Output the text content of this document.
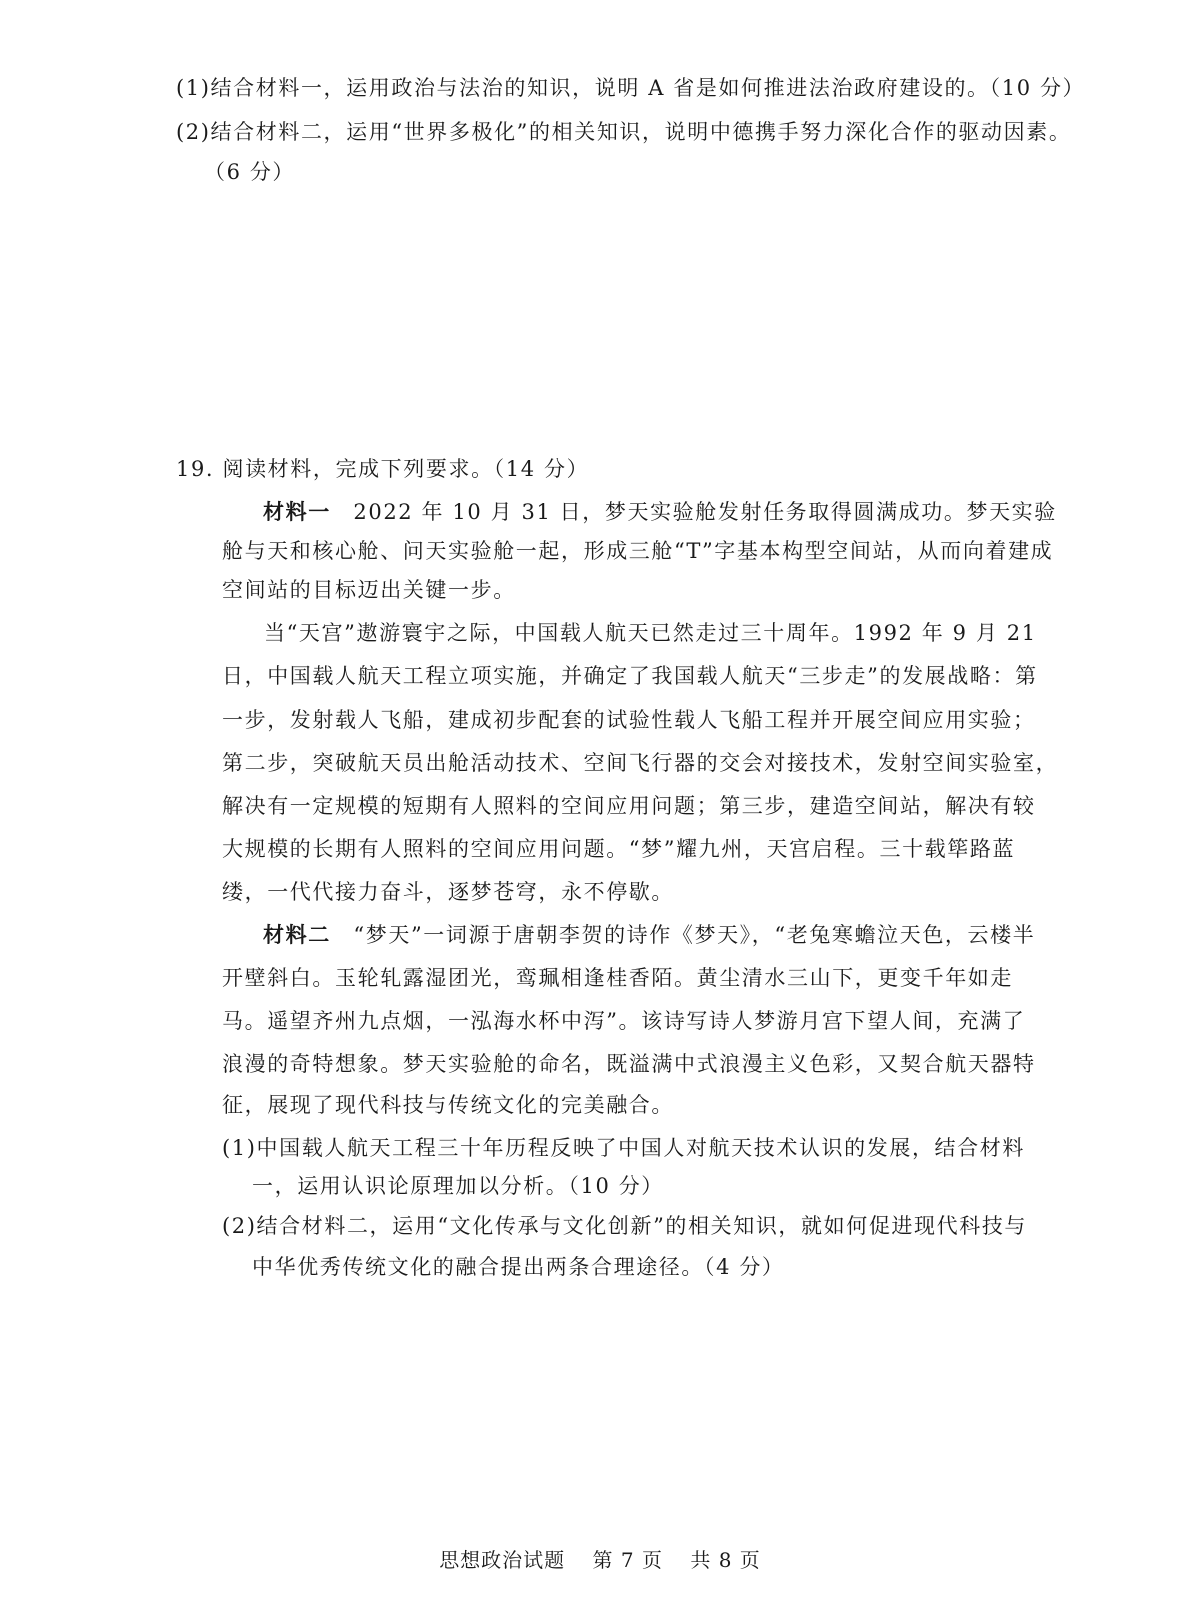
(1)结合材料一，运用政治与法治的知识，说明 A 省是如何推进法治政府建设的。（10 分）
(2)结合材料二，运用“世界多极化”的相关知识，说明中德携手努力深化合作的驱动因素。
（6 分）
19. 阅读材料，完成下列要求。（14 分）
材料一　2022 年 10 月 31 日，梦天实验舱发射任务取得圆满成功。梦天实验
舱与天和核心舱、问天实验舱一起，形成三舱“T”字基本构型空间站，从而向着建成
空间站的目标迈出关键一步。
当“天宫”遨游寰宇之际，中国载人航天已然走过三十周年。1992 年 9 月 21
日，中国载人航天工程立项实施，并确定了我国载人航天“三步走”的发展战略：第
一步，发射载人飞船，建成初步配套的试验性载人飞船工程并开展空间应用实验；
第二步，突破航天员出舱活动技术、空间飞行器的交会对接技术，发射空间实验室，
解决有一定规模的短期有人照料的空间应用问题；第三步，建造空间站，解决有较
大规模的长期有人照料的空间应用问题。“梦”耀九州，天宫启程。三十载筚路蓝
缕，一代代接力奋斗，逐梦苍穹，永不停歇。
材料二　“梦天”一词源于唐朝李贺的诗作《梦天》，“老兔寒蟾泣天色，云楼半
开壁斜白。玉轮轧露湿团光，鸾珮相逢桂香陌。黄尘清水三山下，更变千年如走
马。遥望齐州九点烟，一泓海水杯中泻”。该诗写诗人梦游月宫下望人间，充满了
浪漫的奇特想象。梦天实验舱的命名，既溢满中式浪漫主义色彩，又契合航天器特
征，展现了现代科技与传统文化的完美融合。
(1)中国载人航天工程三十年历程反映了中国人对航天技术认识的发展，结合材料
一，运用认识论原理加以分析。（10 分）
(2)结合材料二，运用“文化传承与文化创新”的相关知识，就如何促进现代科技与
中华优秀传统文化的融合提出两条合理途径。（4 分）
思想政治试题 第 7 页 共 8 页
